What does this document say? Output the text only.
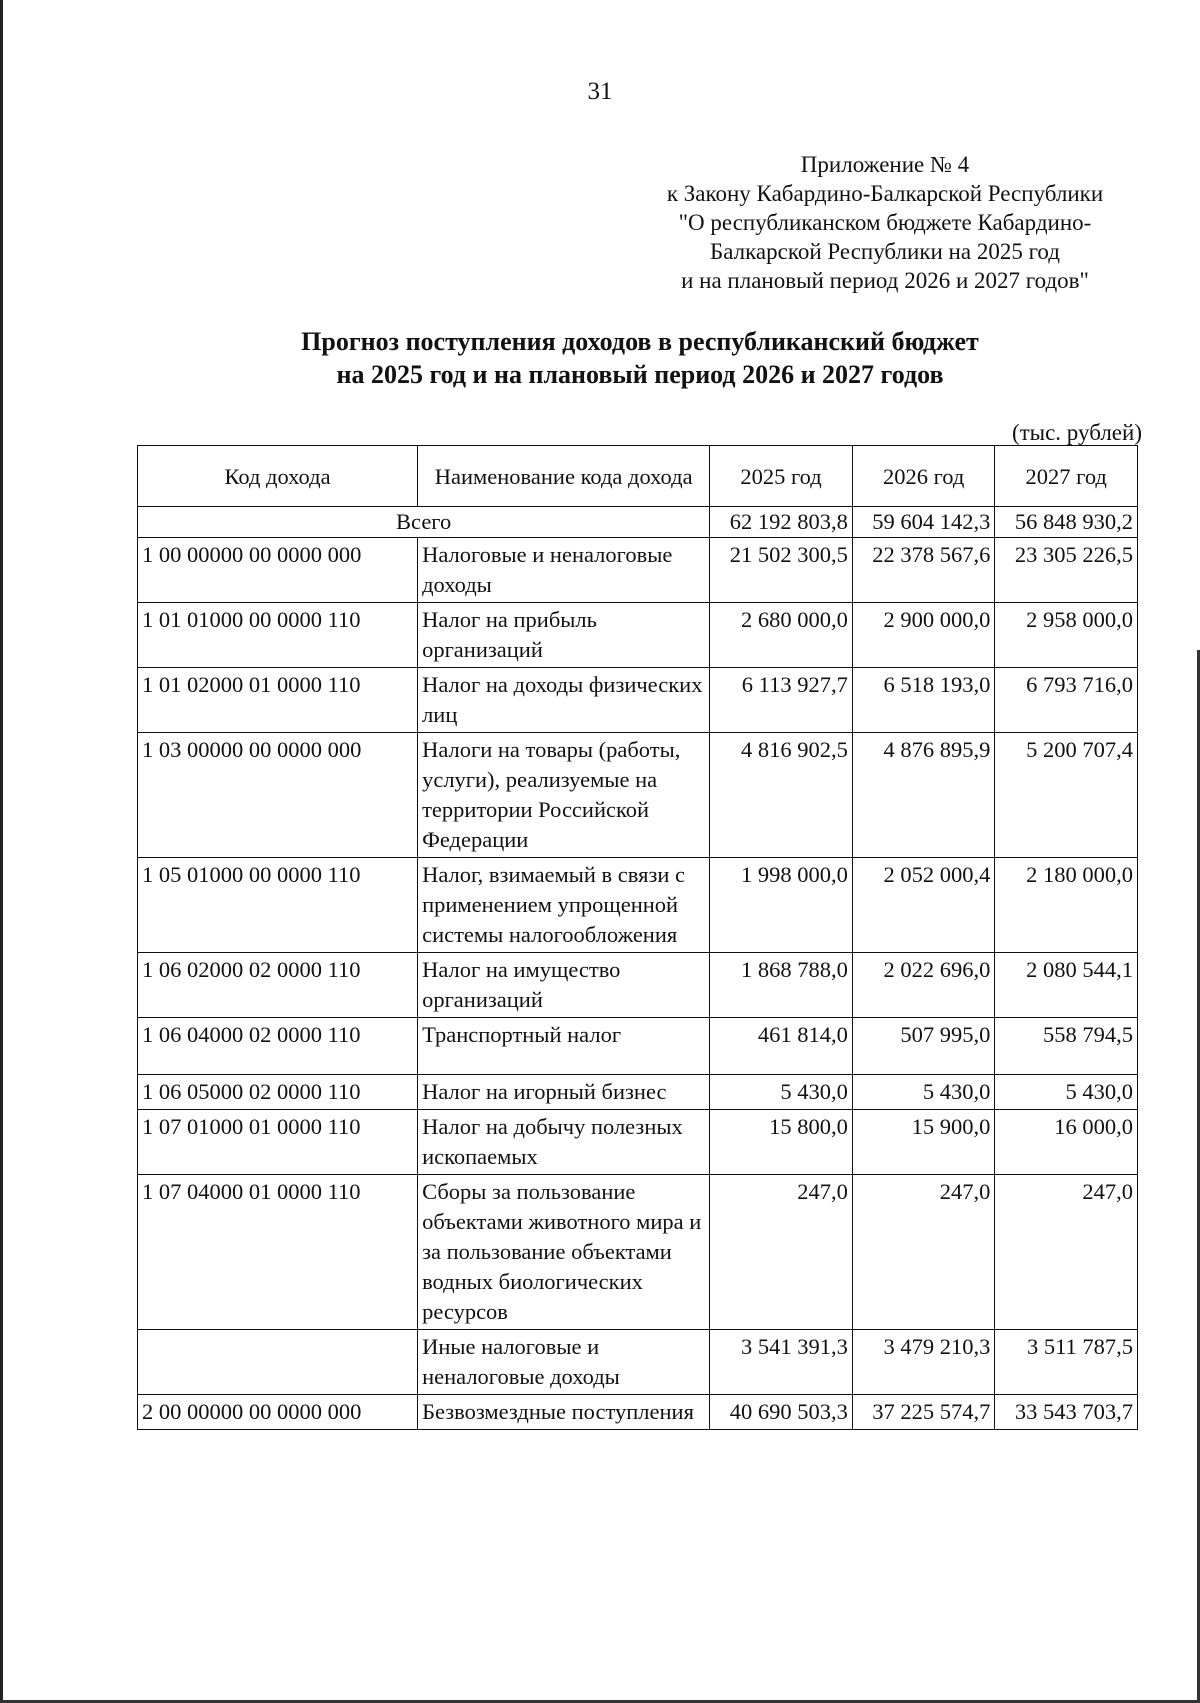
31
Приложение № 4
к Закону Кабардино-Балкарской Республики
"О республиканском бюджете Кабардино-
Балкарской Республики на 2025 год
и на плановый период 2026 и 2027 годов"
Прогноз поступления доходов в республиканский бюджет
на 2025 год и на плановый период 2026 и 2027 годов
(тыс. рублей)
Код дохода	Наименование кода дохода	2025 год	2026 год	2027 год
Всего		62 192 803,8	59 604 142,3	56 848 930,2
1 00 00000 00 0000 000	Налоговые и неналоговые доходы	21 502 300,5	22 378 567,6	23 305 226,5
1 01 01000 00 0000 110	Налог на прибыль организаций	2 680 000,0	2 900 000,0	2 958 000,0
1 01 02000 01 0000 110	Налог на доходы физических лиц	6 113 927,7	6 518 193,0	6 793 716,0
1 03 00000 00 0000 000	Налоги на товары (работы, услуги), реализуемые на территории Российской Федерации	4 816 902,5	4 876 895,9	5 200 707,4
1 05 01000 00 0000 110	Налог, взимаемый в связи с применением упрощенной системы налогообложения	1 998 000,0	2 052 000,4	2 180 000,0
1 06 02000 02 0000 110	Налог на имущество организаций	1 868 788,0	2 022 696,0	2 080 544,1
1 06 04000 02 0000 110	Транспортный налог	461 814,0	507 995,0	558 794,5
1 06 05000 02 0000 110	Налог на игорный бизнес	5 430,0	5 430,0	5 430,0
1 07 01000 01 0000 110	Налог на добычу полезных ископаемых	15 800,0	15 900,0	16 000,0
1 07 04000 01 0000 110	Сборы за пользование объектами животного мира и за пользование объектами водных биологических ресурсов	247,0	247,0	247,0
	Иные налоговые и неналоговые доходы	3 541 391,3	3 479 210,3	3 511 787,5
2 00 00000 00 0000 000	Безвозмездные поступления	40 690 503,3	37 225 574,7	33 543 703,7
